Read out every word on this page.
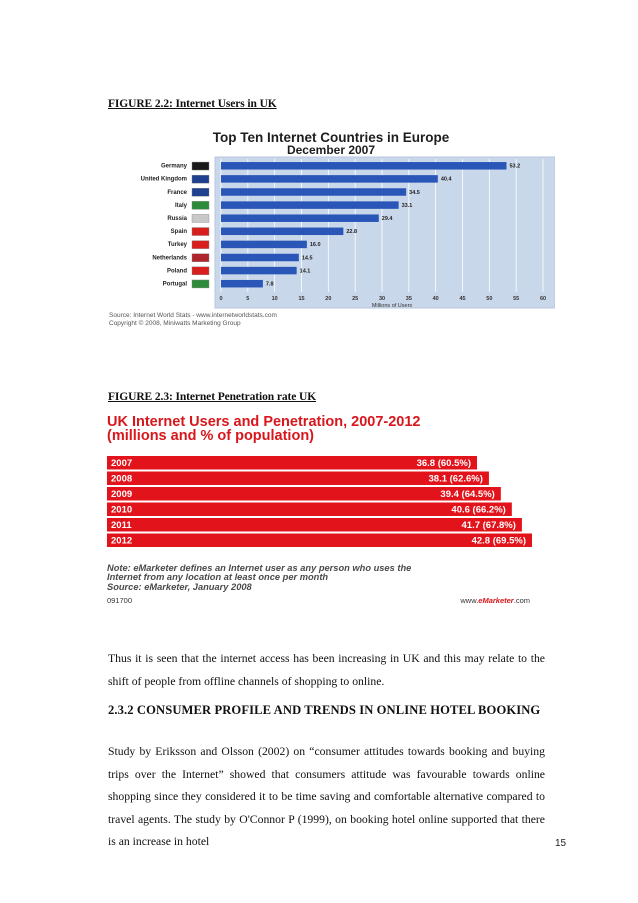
FIGURE 2.2: Internet Users in UK
Top Ten Internet Countries in Europe
December 2007
0	5	10	15	20	25	30	35	40	45	50	55	60
Millions of Users
Germany	53.2
United Kingdom	40.4
France	34.5
Italy	33.1
Russia	29.4
Spain	22.8
Turkey	16.0
Netherlands	14.5
Poland	14.1
Portugal	7.8
Source: Internet World Stats - www.internetworldstats.com
Copyright © 2008, Miniwatts Marketing Group
FIGURE 2.3: Internet Penetration rate UK
UK Internet Users and Penetration, 2007-2012
(millions and % of population)
2007	36.8 (60.5%)
2008	38.1 (62.6%)
2009	39.4 (64.5%)
2010	40.6 (66.2%)
2011	41.7 (67.8%)
2012	42.8 (69.5%)
Note: eMarketer defines an Internet user as any person who uses the
Internet from any location at least once per month
Source: eMarketer, January 2008
091700	www.eMarketer.com
Thus it is seen that the internet access has been increasing in UK and this may relate to the shift of people from offline channels of shopping to online.
2.3.2 CONSUMER PROFILE AND TRENDS IN ONLINE HOTEL BOOKING
Study by Eriksson and Olsson (2002) on “consumer attitudes towards booking and buying trips over the Internet” showed that consumers attitude was favourable towards online shopping since they considered it to be time saving and comfortable alternative compared to travel agents. The study by O'Connor P (1999), on booking hotel online supported that there is an increase in hotel	15
